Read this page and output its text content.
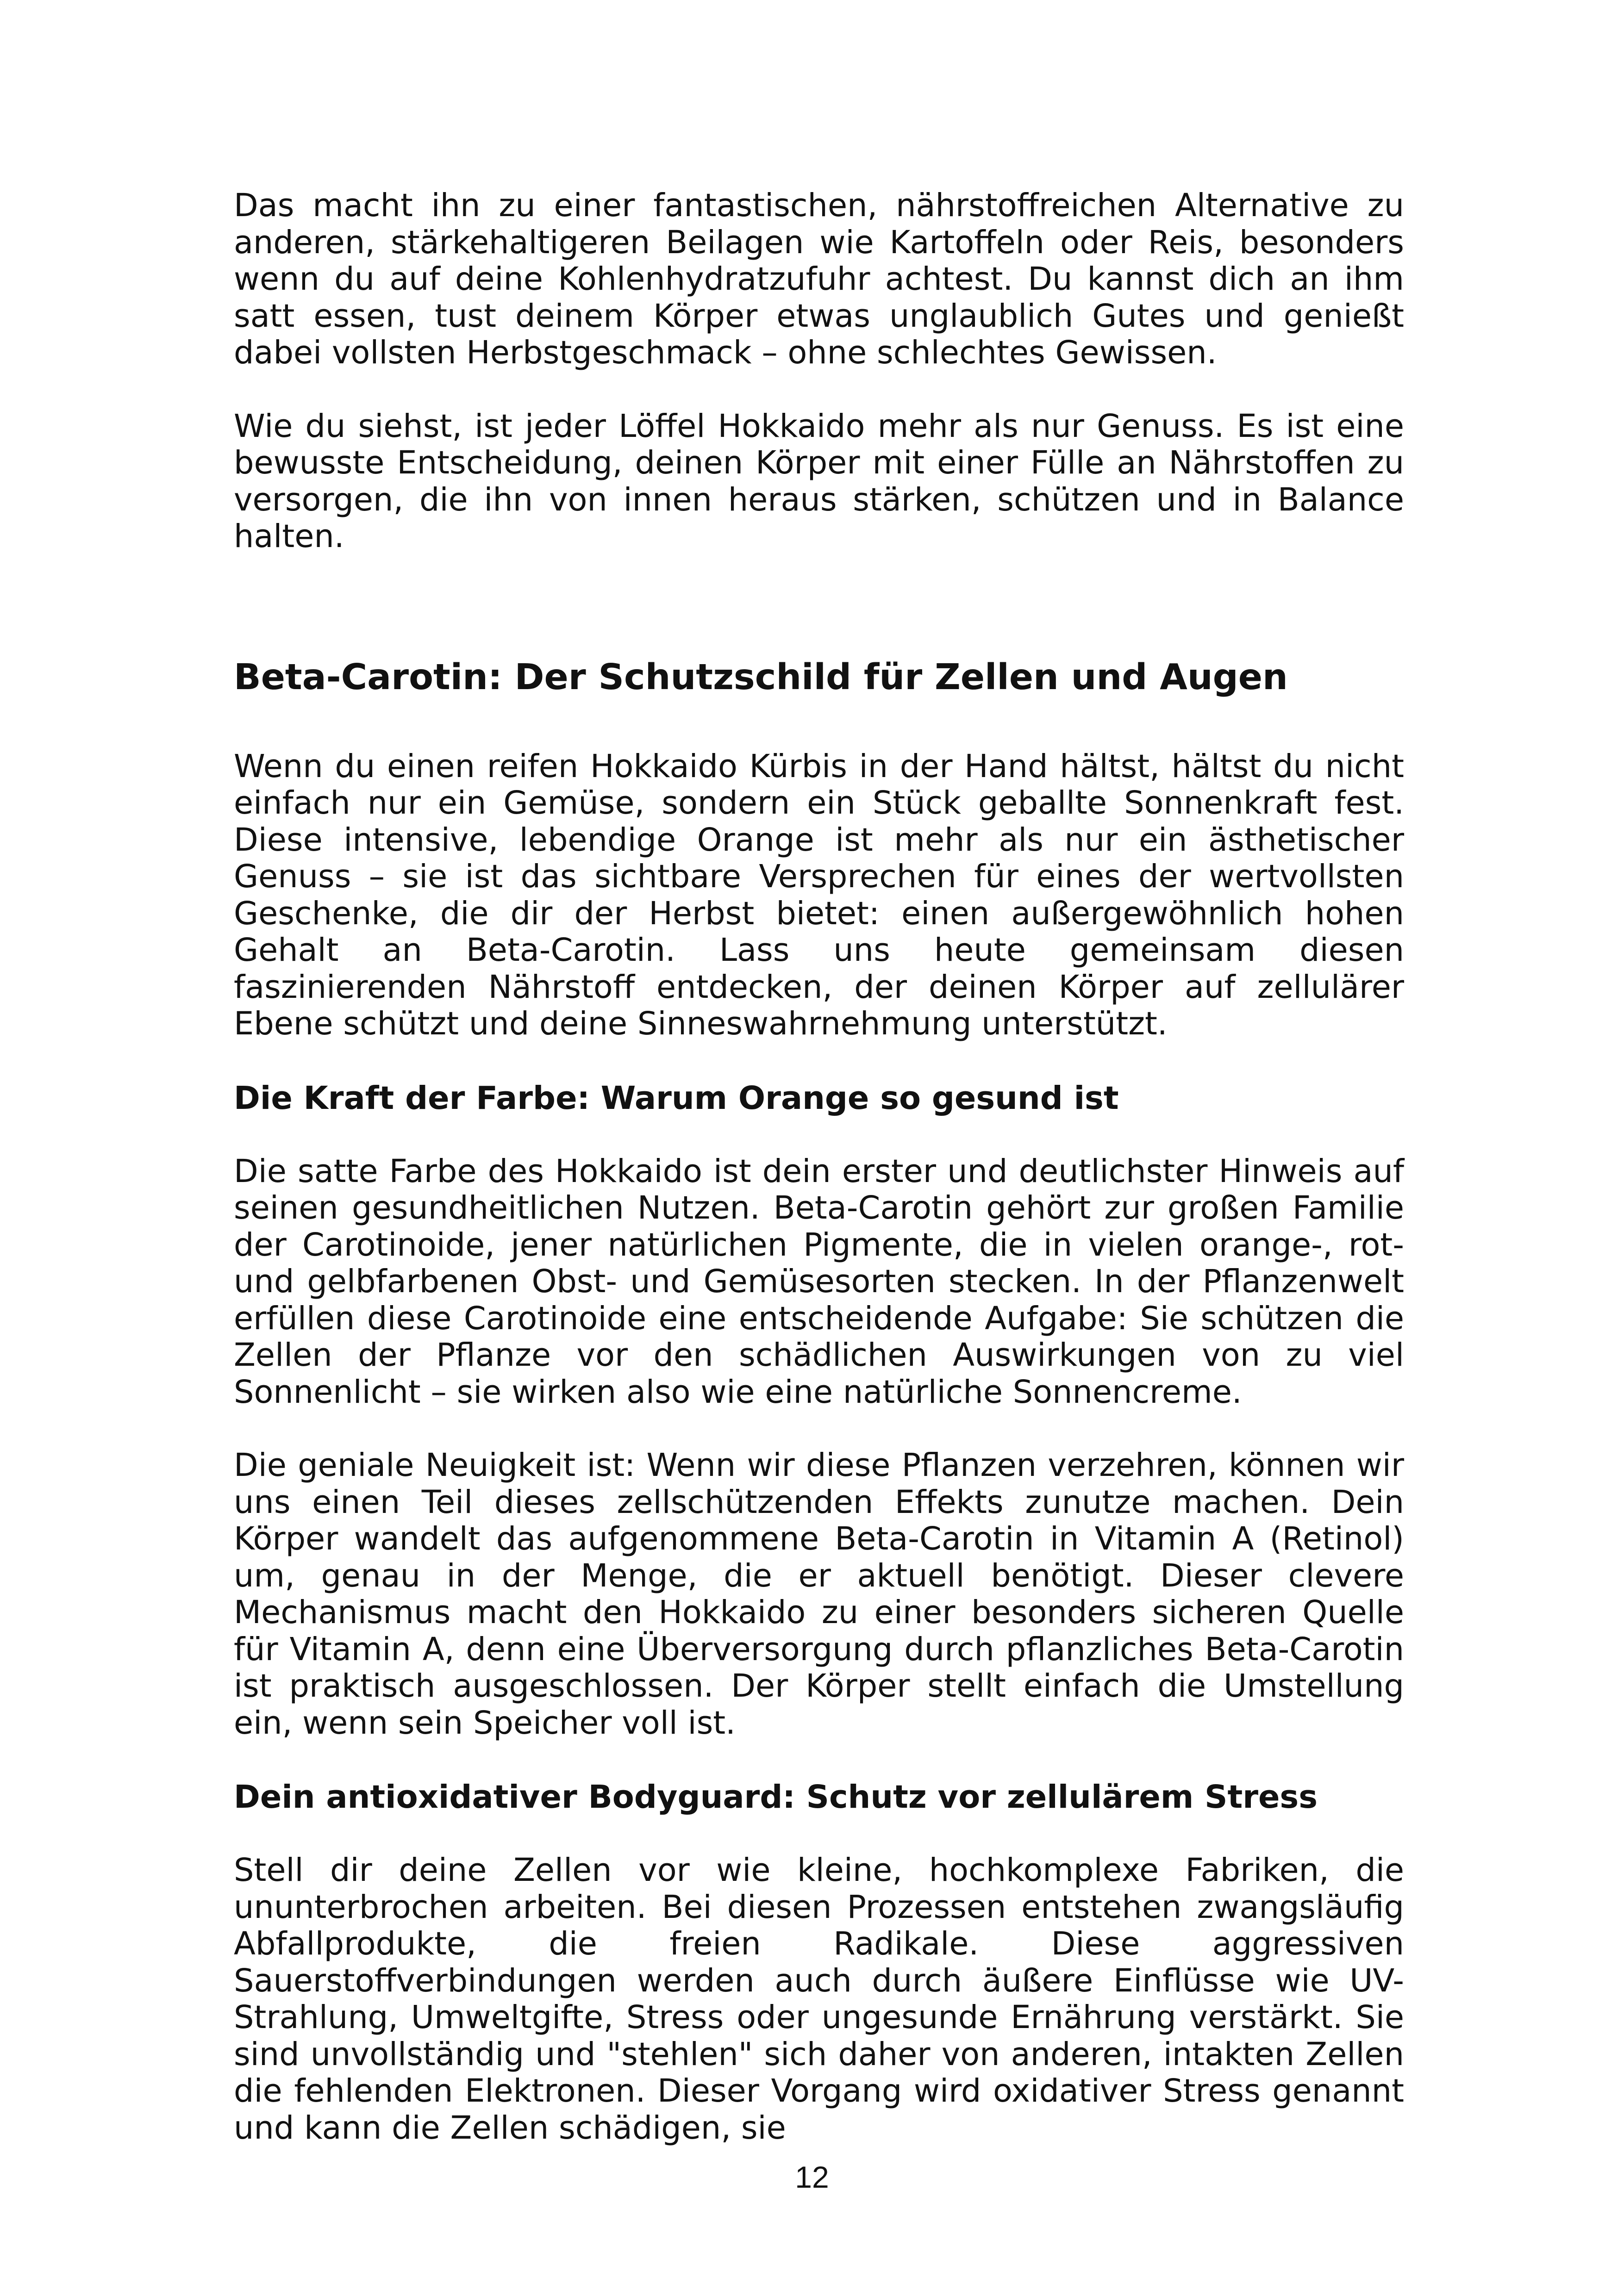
Das macht ihn zu einer fantastischen, nährstoffreichen Alternative zu anderen, stärkehaltigeren Beilagen wie Kartoffeln oder Reis, besonders wenn du auf deine Kohlenhydratzufuhr achtest. Du kannst dich an ihm satt essen, tust deinem Körper etwas unglaublich Gutes und genießt dabei vollsten Herbstgeschmack – ohne schlechtes Gewissen.

Wie du siehst, ist jeder Löffel Hokkaido mehr als nur Genuss. Es ist eine bewusste Entscheidung, deinen Körper mit einer Fülle an Nährstoffen zu versorgen, die ihn von innen heraus stärken, schützen und in Balance halten.

Beta-Carotin: Der Schutzschild für Zellen und Augen

Wenn du einen reifen Hokkaido Kürbis in der Hand hältst, hältst du nicht einfach nur ein Gemüse, sondern ein Stück geballte Sonnenkraft fest. Diese intensive, lebendige Orange ist mehr als nur ein ästhetischer Genuss – sie ist das sichtbare Versprechen für eines der wertvollsten Geschenke, die dir der Herbst bietet: einen außergewöhnlich hohen Gehalt an Beta-Carotin. Lass uns heute gemeinsam diesen faszinierenden Nährstoff entdecken, der deinen Körper auf zellulärer Ebene schützt und deine Sinneswahrnehmung unterstützt.

Die Kraft der Farbe: Warum Orange so gesund ist

Die satte Farbe des Hokkaido ist dein erster und deutlichster Hinweis auf seinen gesundheitlichen Nutzen. Beta-Carotin gehört zur großen Familie der Carotinoide, jener natürlichen Pigmente, die in vielen orange-, rot- und gelbfarbenen Obst- und Gemüsesorten stecken. In der Pflanzenwelt erfüllen diese Carotinoide eine entscheidende Aufgabe: Sie schützen die Zellen der Pflanze vor den schädlichen Auswirkungen von zu viel Sonnenlicht – sie wirken also wie eine natürliche Sonnencreme.

Die geniale Neuigkeit ist: Wenn wir diese Pflanzen verzehren, können wir uns einen Teil dieses zellschützenden Effekts zunutze machen. Dein Körper wandelt das aufgenommene Beta-Carotin in Vitamin A (Retinol) um, genau in der Menge, die er aktuell benötigt. Dieser clevere Mechanismus macht den Hokkaido zu einer besonders sicheren Quelle für Vitamin A, denn eine Überversorgung durch pflanzliches Beta-Carotin ist praktisch ausgeschlossen. Der Körper stellt einfach die Umstellung ein, wenn sein Speicher voll ist.

Dein antioxidativer Bodyguard: Schutz vor zellulärem Stress

Stell dir deine Zellen vor wie kleine, hochkomplexe Fabriken, die ununterbrochen arbeiten. Bei diesen Prozessen entstehen zwangsläufig Abfallprodukte, die freien Radikale. Diese aggressiven Sauerstoffverbindungen werden auch durch äußere Einflüsse wie UV-Strahlung, Umweltgifte, Stress oder ungesunde Ernährung verstärkt. Sie sind unvollständig und "stehlen" sich daher von anderen, intakten Zellen die fehlenden Elektronen. Dieser Vorgang wird oxidativer Stress genannt und kann die Zellen schädigen, sie

12
